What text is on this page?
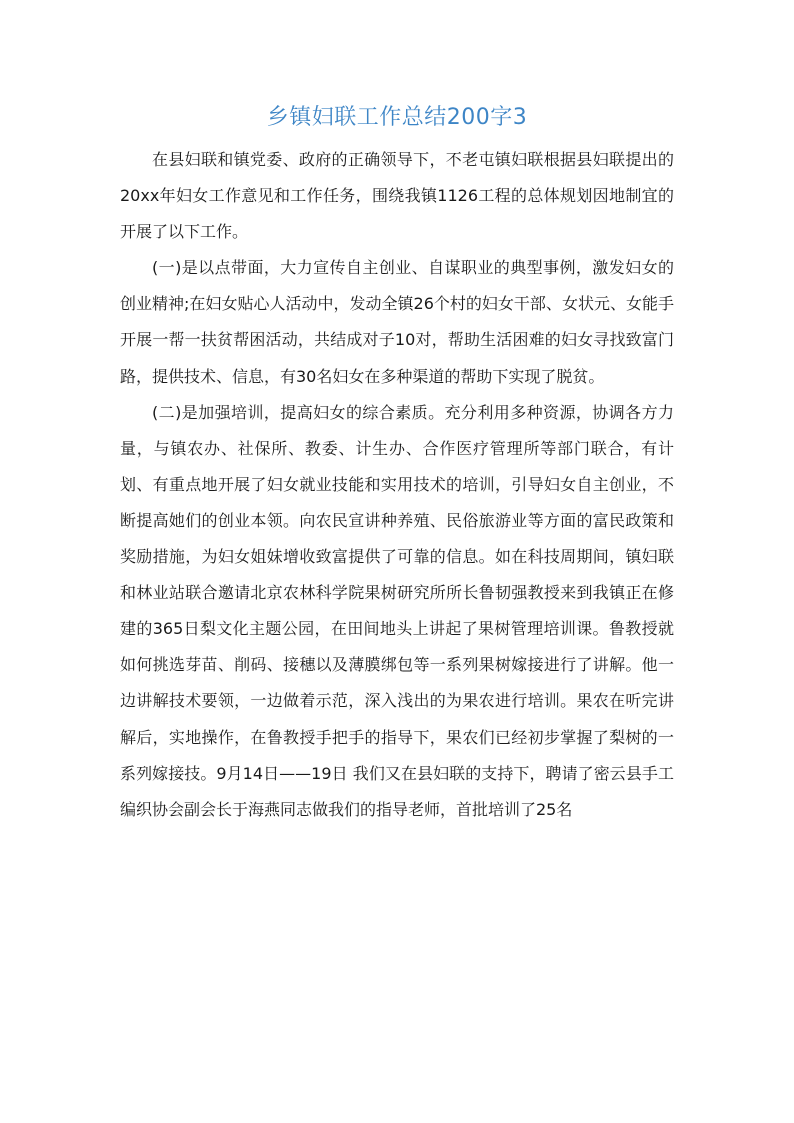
乡镇妇联工作总结200字3

在县妇联和镇党委、政府的正确领导下，不老屯镇妇联根据县妇联提出的20xx年妇女工作意见和工作任务，围绕我镇1126工程的总体规划因地制宜的开展了以下工作。

(一)是以点带面，大力宣传自主创业、自谋职业的典型事例，激发妇女的创业精神;在妇女贴心人活动中，发动全镇26个村的妇女干部、女状元、女能手开展一帮一扶贫帮困活动，共结成对子10对，帮助生活困难的妇女寻找致富门路，提供技术、信息，有30名妇女在多种渠道的帮助下实现了脱贫。

(二)是加强培训，提高妇女的综合素质。充分利用多种资源，协调各方力量，与镇农办、社保所、教委、计生办、合作医疗管理所等部门联合，有计划、有重点地开展了妇女就业技能和实用技术的培训，引导妇女自主创业，不断提高她们的创业本领。向农民宣讲种养殖、民俗旅游业等方面的富民政策和奖励措施，为妇女姐妹增收致富提供了可靠的信息。如在科技周期间，镇妇联和林业站联合邀请北京农林科学院果树研究所所长鲁韧强教授来到我镇正在修建的365日梨文化主题公园，在田间地头上讲起了果树管理培训课。鲁教授就如何挑选芽苗、削码、接穗以及薄膜绑包等一系列果树嫁接进行了讲解。他一边讲解技术要领，一边做着示范，深入浅出的为果农进行培训。果农在听完讲解后，实地操作，在鲁教授手把手的指导下，果农们已经初步掌握了梨树的一系列嫁接技。9月14日——19日 我们又在县妇联的支持下，聘请了密云县手工编织协会副会长于海燕同志做我们的指导老师，首批培训了25名
